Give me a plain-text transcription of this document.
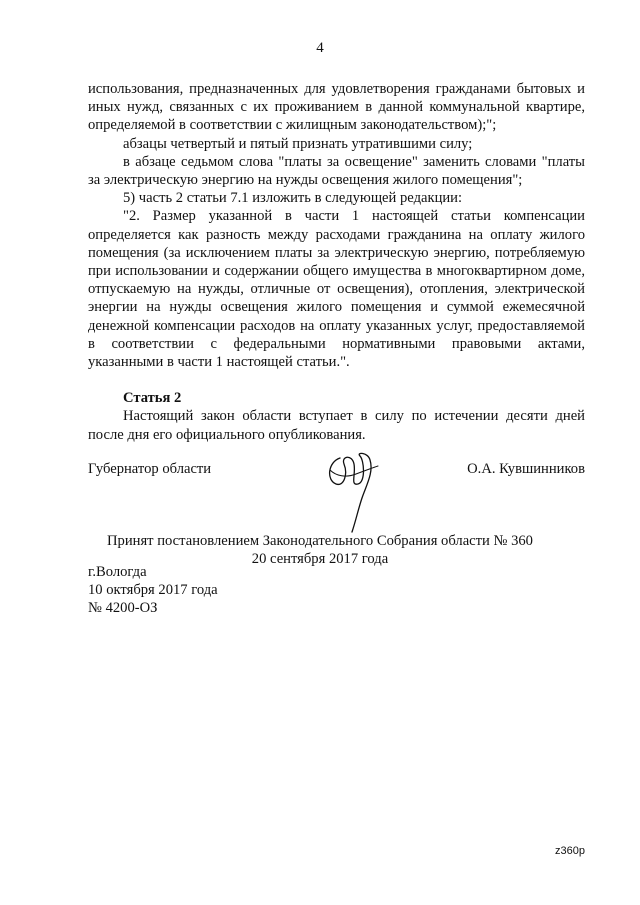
4

использования, предназначенных для удовлетворения гражданами бытовых и иных нужд, связанных с их проживанием в данной коммунальной квартире, определяемой в соответствии с жилищным законодательством);";

абзацы четвертый и пятый признать утратившими силу;

в абзаце седьмом слова "платы за освещение" заменить словами "платы за электрическую энергию на нужды освещения жилого помещения";

5) часть 2 статьи 7.1 изложить в следующей редакции:

"2. Размер указанной в части 1 настоящей статьи компенсации определяется как разность между расходами гражданина на оплату жилого помещения (за исключением платы за электрическую энергию, потребляемую при использовании и содержании общего имущества в многоквартирном доме, отпускаемую на нужды, отличные от освещения), отопления, электрической энергии на нужды освещения жилого помещения и суммой ежемесячной денежной компенсации расходов на оплату указанных услуг, предоставляемой в соответствии с федеральными нормативными правовыми актами, указанными в части 1 настоящей статьи.".

Статья 2

Настоящий закон области вступает в силу по истечении десяти дней после дня его официального опубликования.

Губернатор области	О.А. Кувшинников
Принят постановлением Законодательного Собрания области № 360
20 сентября 2017 года
г.Вологда
10 октября 2017 года
№ 4200-ОЗ
z360p
